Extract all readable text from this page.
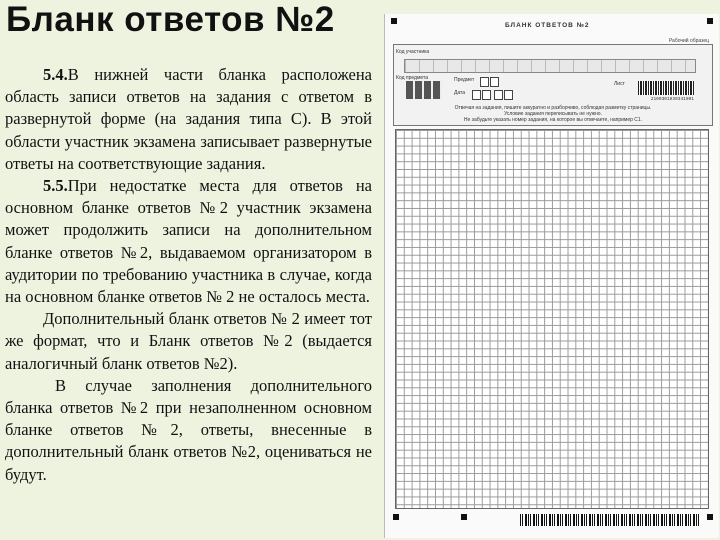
Бланк ответов №2

5.4.В нижней части бланка расположена область записи ответов на задания с ответом в развернутой форме (на задания типа С). В этой области участник экзамена записывает развернутые ответы на соответствующие задания.

5.5.При недостатке места для ответов на основном бланке ответов №2 участник экзамена может продолжить записи на дополнительном бланке ответов №2, выдаваемом организатором в аудитории по требованию участника в случае, когда на основном бланке ответов № 2 не осталось места.

Дополнительный бланк ответов № 2 имеет тот же формат, что и Бланк ответов №2 (выдается аналогичный бланк ответов №2).

В случае заполнения дополнительного бланка ответов №2 при незаполненном основном бланке ответов №2, ответы, внесенные в дополнительный бланк ответов №2, оцениваться не будут.

БЛАНК ОТВЕТОВ №2
Рабочий образец
Код участника
Код предмета	Предмет
Дата
Лист
2100301030341001
Отвечая на задания, пишите аккуратно и разборчиво, соблюдая разметку страницы.
Условие задания переписывать не нужно.
Не забудьте указать номер задания, на которое вы отвечаете, например С1.
